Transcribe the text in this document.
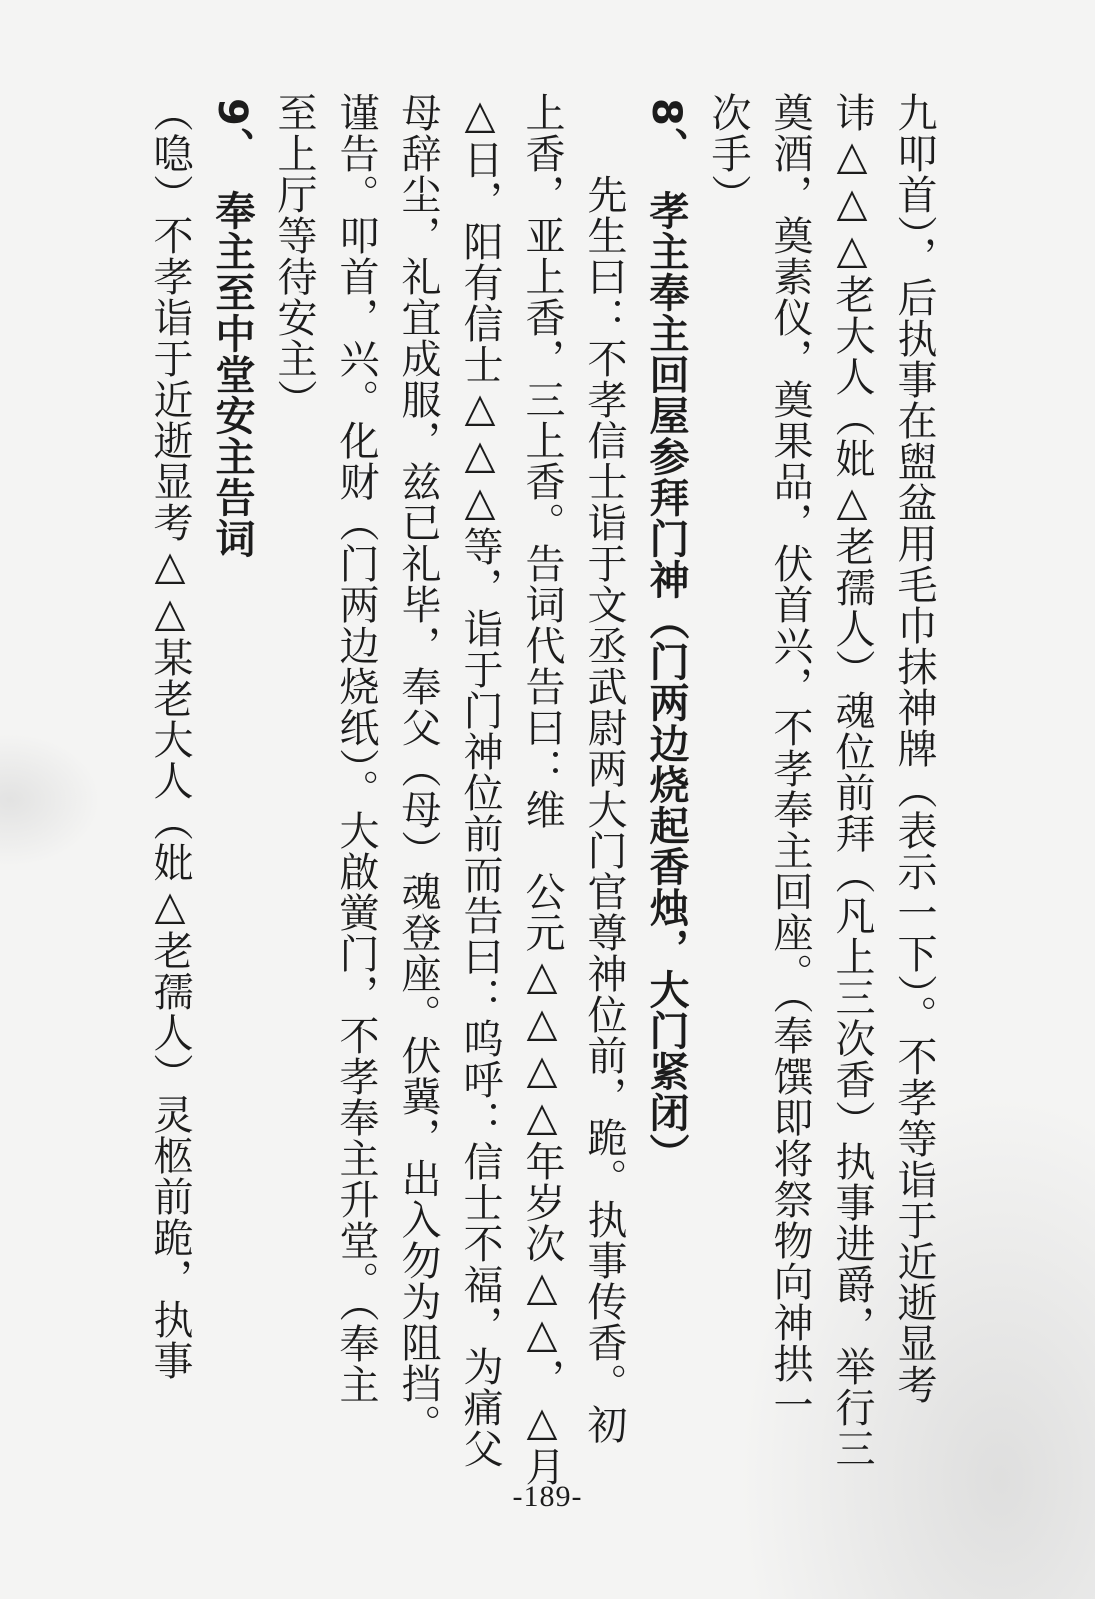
九叩首），后执事在盥盆用毛巾抹神牌（表示一下）。不孝等诣于近逝显考
讳△△△老大人（妣△老孺人）魂位前拜（凡上三次香）执事进爵，举行三
奠酒，奠素仪，奠果品，伏首兴，不孝奉主回座。（奉馔即将祭物向神拱一
次手）
8、孝主奉主回屋参拜门神（门两边烧起香烛，大门紧闭）
先生曰：不孝信士诣于文丞武尉两大门官尊神位前，跪。执事传香。初
上香，亚上香，三上香。告词代告曰：维　公元△△△△年岁次△△，△月
△日，阳有信士△△△等，诣于门神位前而告曰：呜呼：信士不福，为痛父
母辞尘，礼宜成服，兹已礼毕，奉父（母）魂登座。伏冀，出入勿为阻挡。
谨告。叩首，兴。化财（门两边烧纸）。大啟黉门，不孝奉主升堂。（奉主
至上厅等待安主）
9、奉主至中堂安主告词
（喼）不孝诣于近逝显考△△某老大人（妣△老孺人）灵柩前跪，执事
-189-
